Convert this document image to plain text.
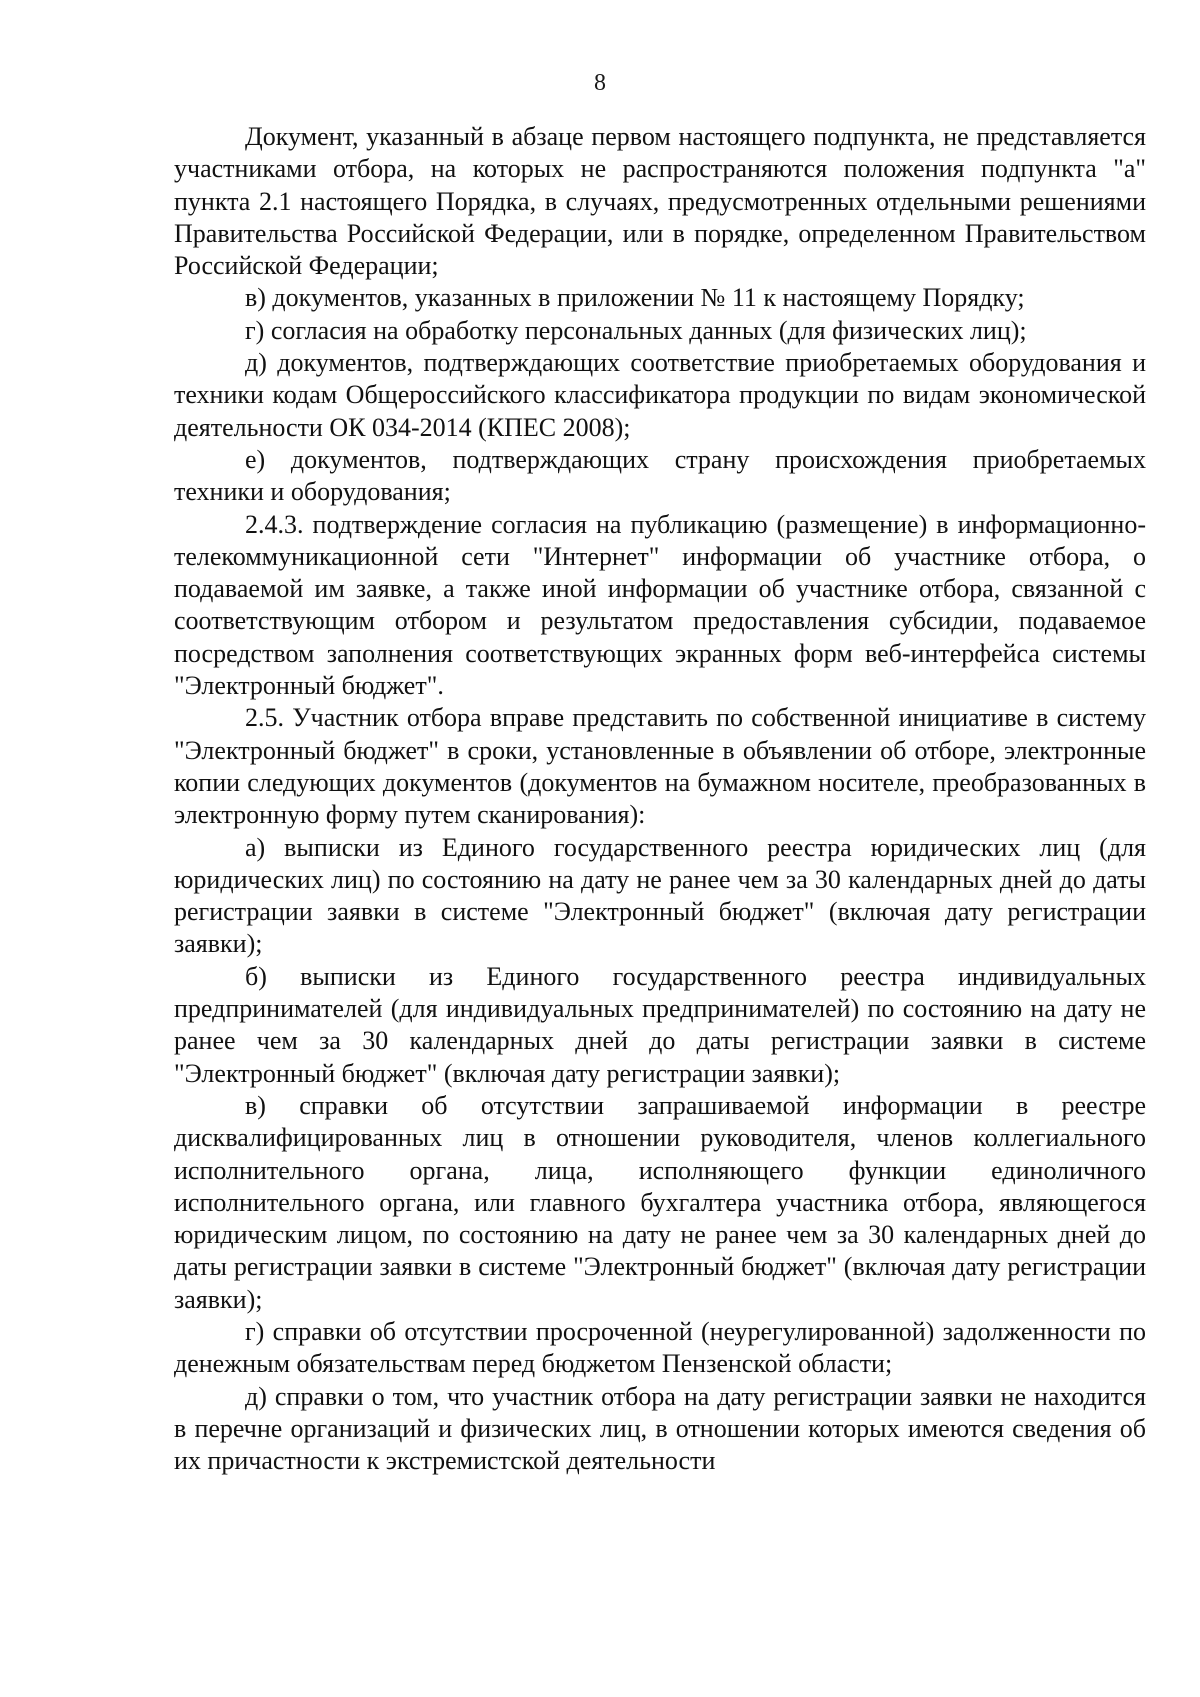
8

Документ, указанный в абзаце первом настоящего подпункта, не представляется участниками отбора, на которых не распространяются положения подпункта "а" пункта 2.1 настоящего Порядка, в случаях, предусмотренных отдельными решениями Правительства Российской Федерации, или в порядке, определенном Правительством Российской Федерации;

в) документов, указанных в приложении № 11 к настоящему Порядку;

г) согласия на обработку персональных данных (для физических лиц);

д) документов, подтверждающих соответствие приобретаемых оборудования и техники кодам Общероссийского классификатора продукции по видам экономической деятельности ОК 034-2014 (КПЕС 2008);

е) документов, подтверждающих страну происхождения приобретаемых техники и оборудования;

2.4.3. подтверждение согласия на публикацию (размещение) в информационно-телекоммуникационной сети "Интернет" информации об участнике отбора, о подаваемой им заявке, а также иной информации об участнике отбора, связанной с соответствующим отбором и результатом предоставления субсидии, подаваемое посредством заполнения соответствующих экранных форм веб-интерфейса системы "Электронный бюджет".

2.5. Участник отбора вправе представить по собственной инициативе в систему "Электронный бюджет" в сроки, установленные в объявлении об отборе, электронные копии следующих документов (документов на бумажном носителе, преобразованных в электронную форму путем сканирования):

а) выписки из Единого государственного реестра юридических лиц (для юридических лиц) по состоянию на дату не ранее чем за 30 календарных дней до даты регистрации заявки в системе "Электронный бюджет" (включая дату регистрации заявки);

б) выписки из Единого государственного реестра индивидуальных предпринимателей (для индивидуальных предпринимателей) по состоянию на дату не ранее чем за 30 календарных дней до даты регистрации заявки в системе "Электронный бюджет" (включая дату регистрации заявки);

в) справки об отсутствии запрашиваемой информации в реестре дисквалифицированных лиц в отношении руководителя, членов коллегиального исполнительного органа, лица, исполняющего функции единоличного исполнительного органа, или главного бухгалтера участника отбора, являющегося юридическим лицом, по состоянию на дату не ранее чем за 30 календарных дней до даты регистрации заявки в системе "Электронный бюджет" (включая дату регистрации заявки);

г) справки об отсутствии просроченной (неурегулированной) задолженности по денежным обязательствам перед бюджетом Пензенской области;

д) справки о том, что участник отбора на дату регистрации заявки не находится в перечне организаций и физических лиц, в отношении которых имеются сведения об их причастности к экстремистской деятельности
